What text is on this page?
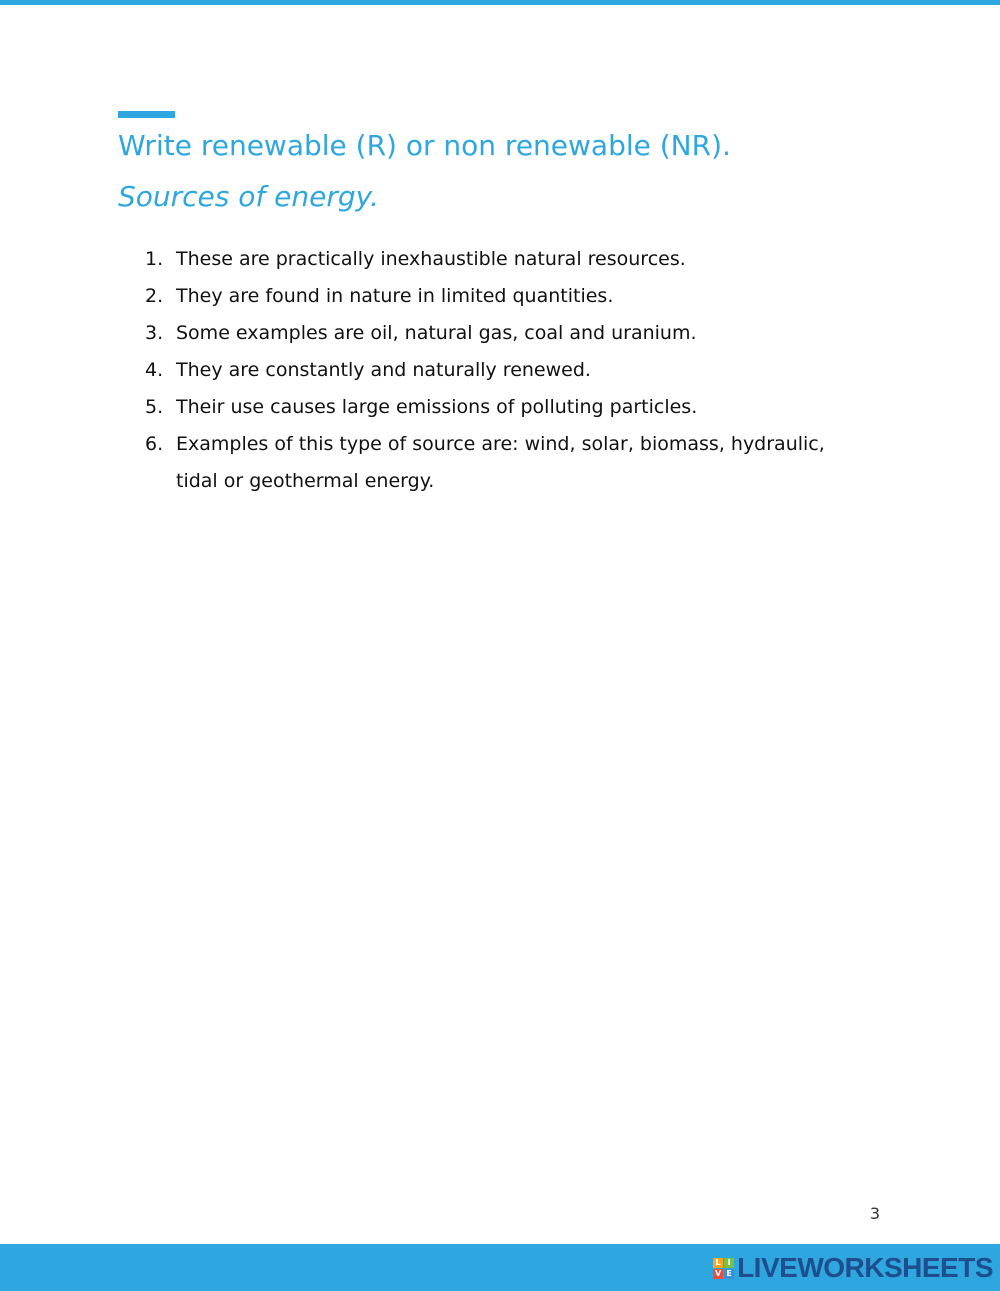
Write renewable (R) or non renewable (NR).
Sources of energy.
1. These are practically inexhaustible natural resources.
2. They are found in nature in limited quantities.
3. Some examples are oil, natural gas, coal and uranium.
4. They are constantly and naturally renewed.
5. Their use causes large emissions of polluting particles.
6. Examples of this type of source are: wind, solar, biomass, hydraulic, tidal or geothermal energy.
3
L I
V E LIVEWORKSHEETS
